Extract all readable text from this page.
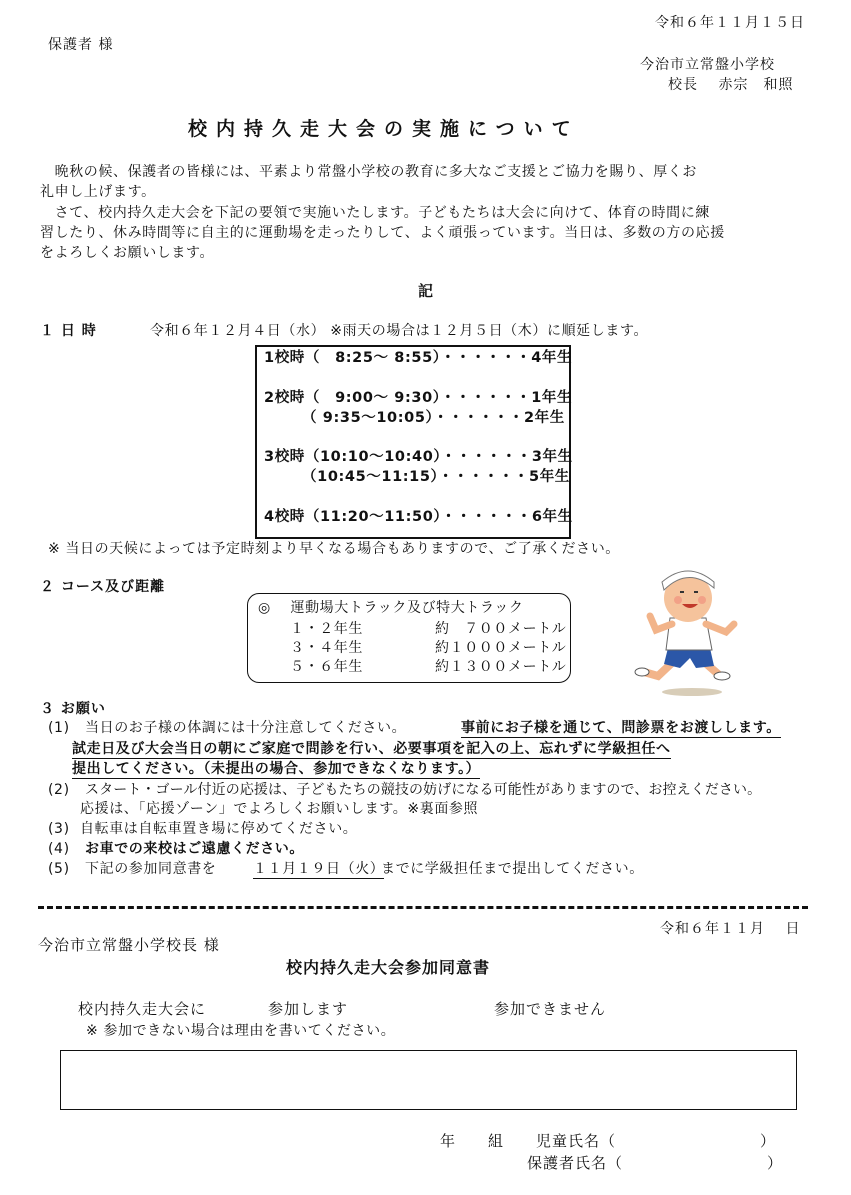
令和６年１１月１５日
保護者 様
今治市立常盤小学校
校長　 赤宗　和照
校内持久走大会の実施について
　晩秋の候、保護者の皆様には、平素より常盤小学校の教育に多大なご支援とご協力を賜り、厚くお
礼申し上げます。
　さて、校内持久走大会を下記の要領で実施いたします。子どもたちは大会に向けて、体育の時間に練
習したり、休み時間等に自主的に運動場を走ったりして、よく頑張っています。当日は、多数の方の応援
をよろしくお願いします。
記
１ 日 時	令和６年１２月４日（水） ※雨天の場合は１２月５日（木）に順延します。
1校時（　8:25～ 8:55）・・・・・・4年生
2校時（　9:00～ 9:30）・・・・・・1年生
　　　（ 9:35～10:05）・・・・・・2年生
3校時（10:10～10:40）・・・・・・3年生
　　　（10:45～11:15）・・・・・・5年生
4校時（11:20～11:50）・・・・・・6年生
※ 当日の天候によっては予定時刻より早くなる場合もありますので、ご了承ください。
２ コース及び距離
◎　 運動場大トラック及び特大トラック
１・２年生	約　７００メートル
３・４年生	約１０００メートル
５・６年生	約１３００メートル
３ お願い
(1) 当日のお子様の体調には十分注意してください。	事前にお子様を通じて、問診票をお渡しします。
試走日及び大会当日の朝にご家庭で問診を行い、必要事項を記入の上、忘れずに学級担任へ
提出してください。（未提出の場合、参加できなくなります。）
(2) スタート・ゴール付近の応援は、子どもたちの競技の妨げになる可能性がありますので、お控えください。
応援は、「応援ゾーン」でよろしくお願いします。※裏面参照
(3) 自転車は自転車置き場に停めてください。
(4) お車での来校はご遠慮ください。
(5) 下記の参加同意書を	１１月１９日（火）
までに学級担任まで提出してください。
令和６年１１月　 日
今治市立常盤小学校長 様
校内持久走大会参加同意書
校内持久走大会に	参加します	参加できません
※ 参加できない場合は理由を書いてください。
年　　組　　児童氏名（　　　　　　　　　）
保護者氏名（　　　　　　　　　）
